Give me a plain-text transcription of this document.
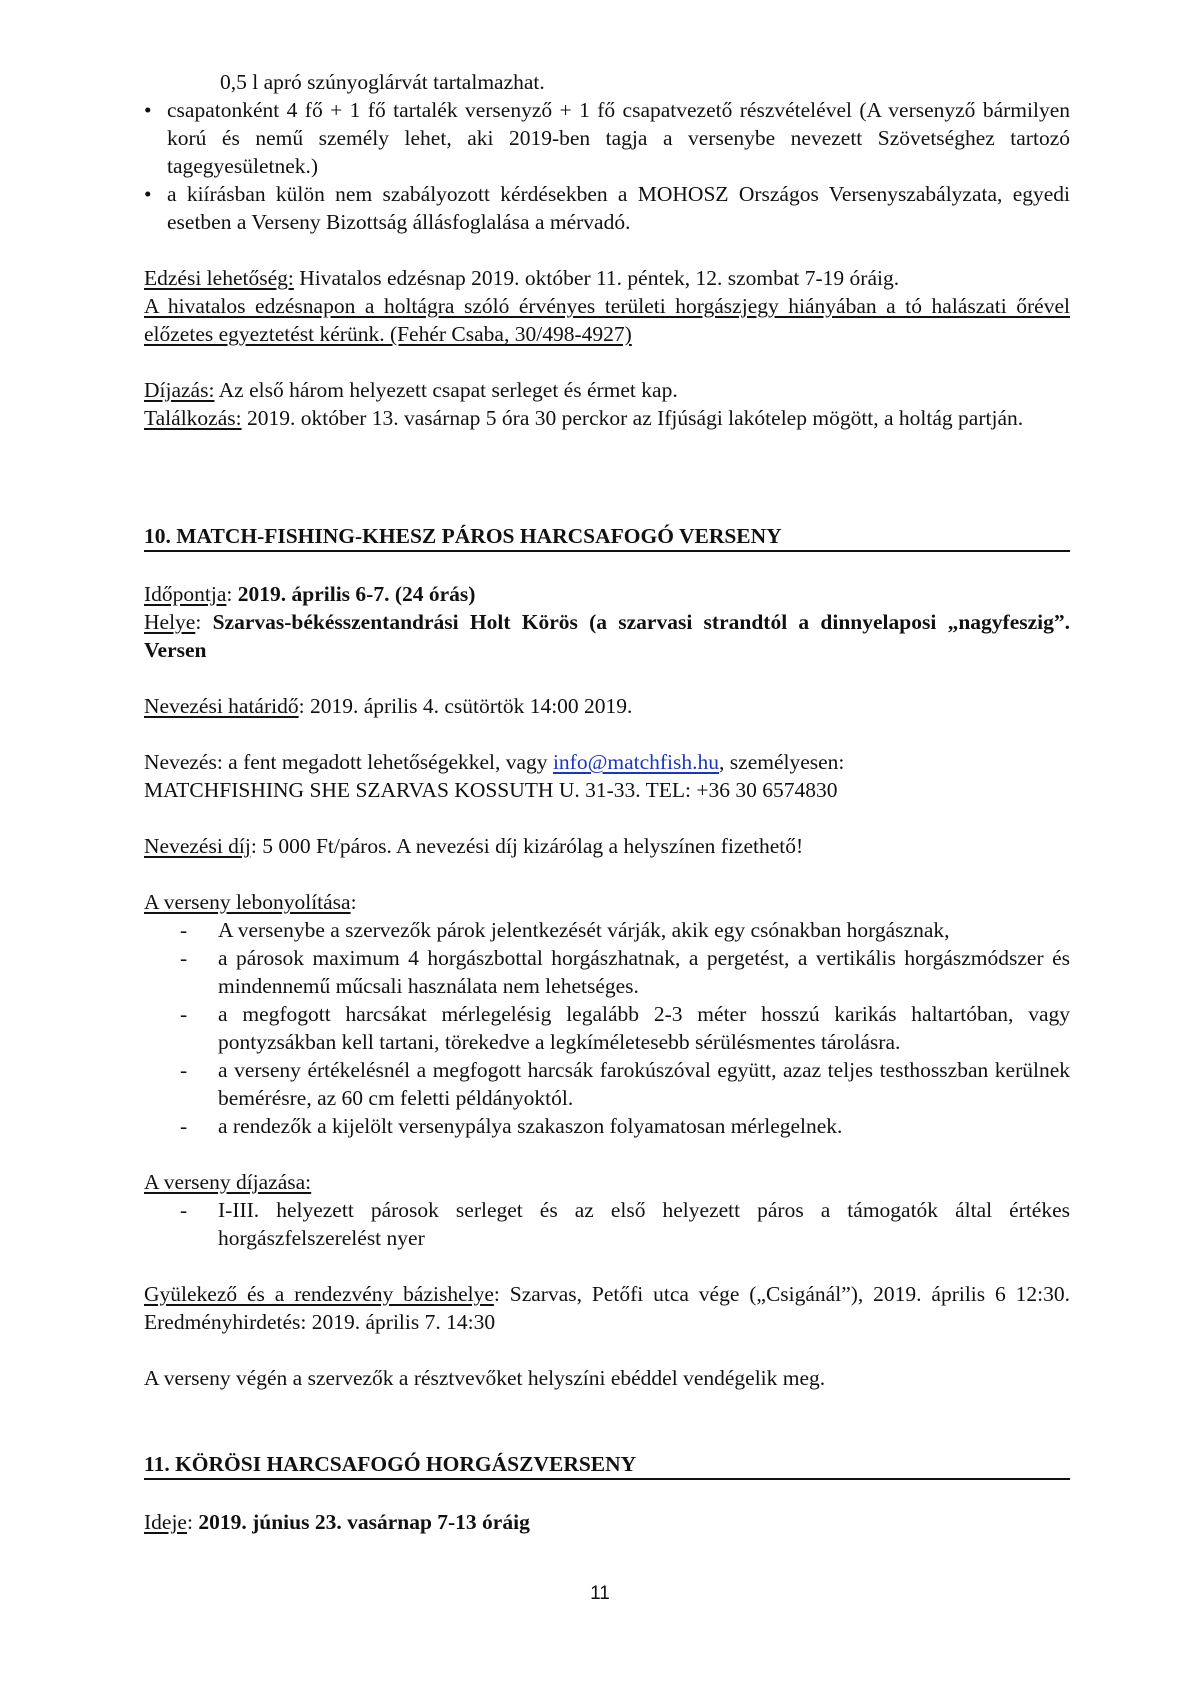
0,5 l apró szúnyoglárvát tartalmazhat.
• csapatonként 4 fő + 1 fő tartalék versenyző + 1 fő csapatvezető részvételével (A versenyző bármilyen korú és nemű személy lehet, aki 2019-ben tagja a versenybe nevezett Szövetséghez tartozó tagegyesületnek.)
• a kiírásban külön nem szabályozott kérdésekben a MOHOSZ Országos Versenyszabályzata, egyedi esetben a Verseny Bizottság állásfoglalása a mérvadó.
Edzési lehetőség: Hivatalos edzésnap 2019. október 11. péntek, 12. szombat 7-19 óráig.
A hivatalos edzésnapon a holtágra szóló érvényes területi horgászjegy hiányában a tó halászati őrével előzetes egyeztetést kérünk. (Fehér Csaba, 30/498-4927)
Díjazás: Az első három helyezett csapat serleget és érmet kap.
Találkozás: 2019. október 13. vasárnap 5 óra 30 perckor az Ifjúsági lakótelep mögött, a holtág partján.
10. MATCH-FISHING-KHESZ PÁROS HARCSAFOGÓ VERSENY
Időpontja: 2019. április 6-7. (24 órás)
Helye: Szarvas-békésszentandrási Holt Körös (a szarvasi strandtól a dinnyelaposi „nagyfeszig”. Versen
Nevezési határidő: 2019. április 4. csütörtök 14:00 2019.
Nevezés: a fent megadott lehetőségekkel, vagy info@matchfish.hu, személyesen:
MATCHFISHING SHE SZARVAS KOSSUTH U. 31-33. TEL: +36 30 6574830
Nevezési díj: 5 000 Ft/páros. A nevezési díj kizárólag a helyszínen fizethető!
A verseny lebonyolítása:
- A versenybe a szervezők párok jelentkezését várják, akik egy csónakban horgásznak,
- a párosok maximum 4 horgászbottal horgászhatnak, a pergetést, a vertikális horgászmódszer és mindennemű műcsali használata nem lehetséges.
- a megfogott harcsákat mérlegelésig legalább 2-3 méter hosszú karikás haltartóban, vagy pontyzsákban kell tartani, törekedve a legkíméletesebb sérülésmentes tárolásra.
- a verseny értékelésnél a megfogott harcsák farokúszóval együtt, azaz teljes testhosszban kerülnek bemérésre, az 60 cm feletti példányoktól.
- a rendezők a kijelölt versenypálya szakaszon folyamatosan mérlegelnek.
A verseny díjazása:
- I-III. helyezett párosok serleget és az első helyezett páros a támogatók által értékes horgászfelszerelést nyer
Gyülekező és a rendezvény bázishelye: Szarvas, Petőfi utca vége („Csigánál”), 2019. április 6 12:30. Eredményhirdetés: 2019. április 7. 14:30
A verseny végén a szervezők a résztvevőket helyszíni ebéddel vendégelik meg.
11. KÖRÖSI HARCSAFOGÓ HORGÁSZVERSENY
Ideje: 2019. június 23. vasárnap 7-13 óráig
11
